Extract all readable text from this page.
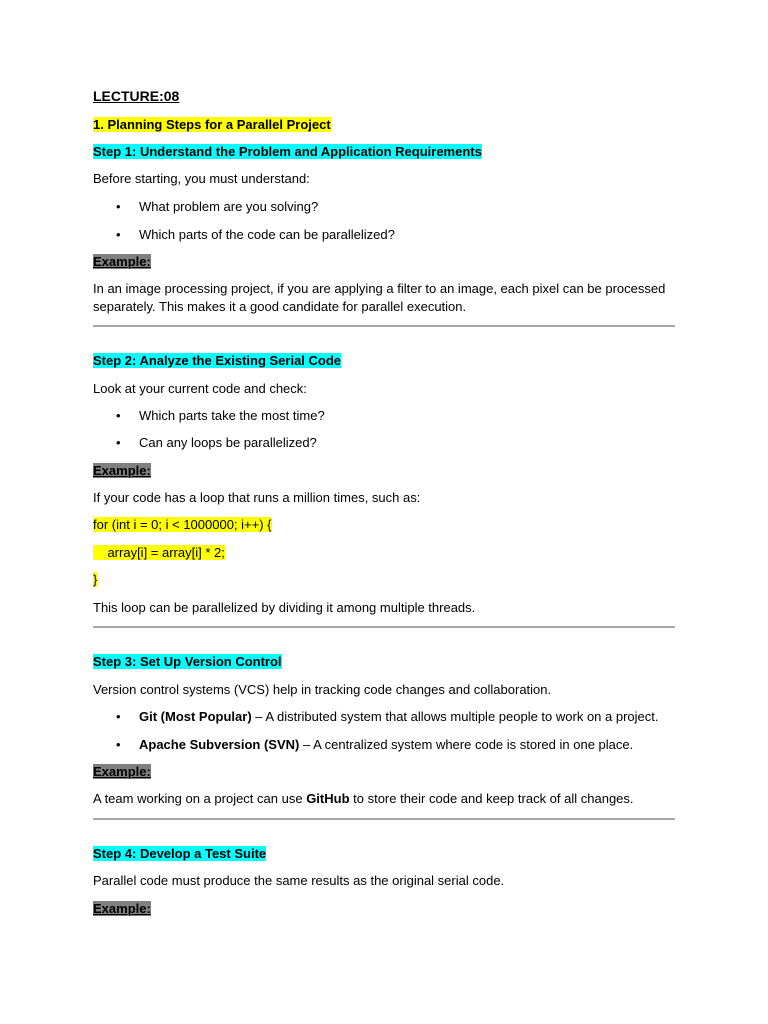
LECTURE:08
1. Planning Steps for a Parallel Project
Step 1: Understand the Problem and Application Requirements
Before starting, you must understand:
• What problem are you solving?
• Which parts of the code can be parallelized?
Example:
In an image processing project, if you are applying a filter to an image, each pixel can be processed
separately. This makes it a good candidate for parallel execution.
Step 2: Analyze the Existing Serial Code
Look at your current code and check:
• Which parts take the most time?
• Can any loops be parallelized?
Example:
If your code has a loop that runs a million times, such as:
for (int i = 0; i < 1000000; i++) {
array[i] = array[i] * 2;
}
This loop can be parallelized by dividing it among multiple threads.
Step 3: Set Up Version Control
Version control systems (VCS) help in tracking code changes and collaboration.
• Git (Most Popular) – A distributed system that allows multiple people to work on a project.
• Apache Subversion (SVN) – A centralized system where code is stored in one place.
Example:
A team working on a project can use GitHub to store their code and keep track of all changes.
Step 4: Develop a Test Suite
Parallel code must produce the same results as the original serial code.
Example:
